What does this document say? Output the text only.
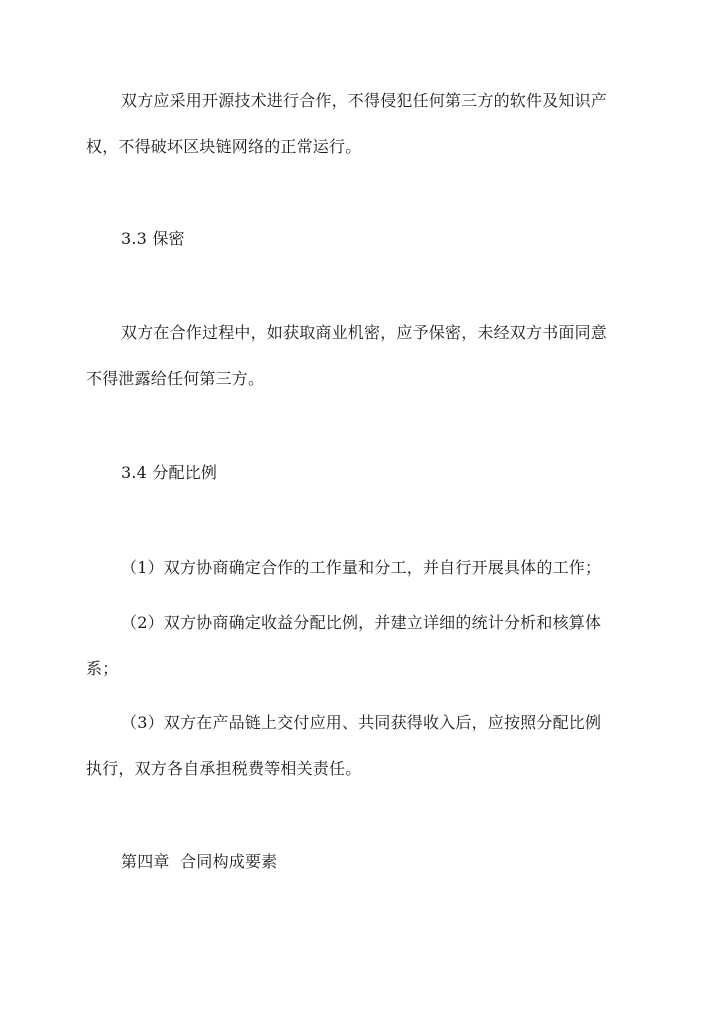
双方应采用开源技术进行合作，不得侵犯任何第三方的软件及知识产
权，不得破坏区块链网络的正常运行。
3.3 保密
双方在合作过程中，如获取商业机密，应予保密，未经双方书面同意
不得泄露给任何第三方。
3.4 分配比例
（1）双方协商确定合作的工作量和分工，并自行开展具体的工作；
（2）双方协商确定收益分配比例，并建立详细的统计分析和核算体
系；
（3）双方在产品链上交付应用、共同获得收入后，应按照分配比例
执行，双方各自承担税费等相关责任。
第四章  合同构成要素
